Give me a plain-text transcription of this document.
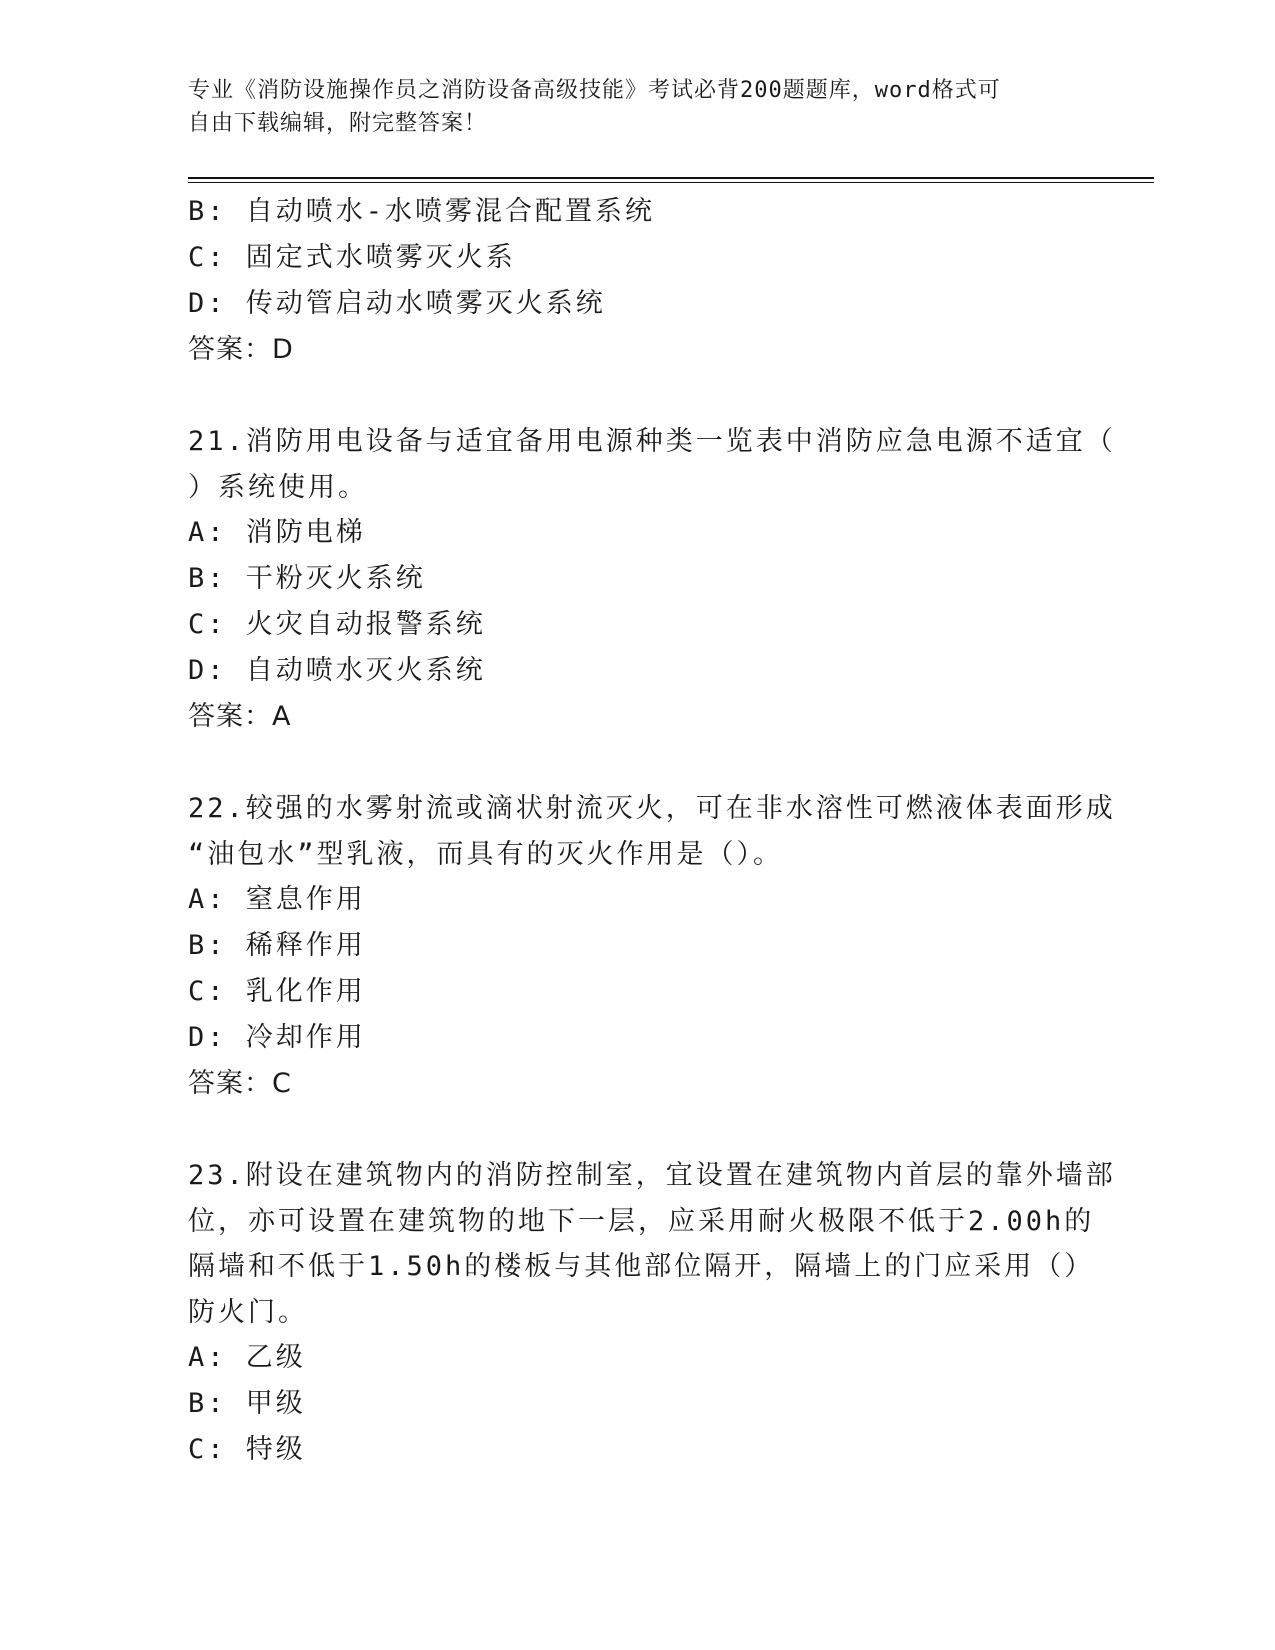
专业《消防设施操作员之消防设备高级技能》考试必背200题题库，word格式可
自由下载编辑，附完整答案！
B: 自动喷水-水喷雾混合配置系统
C: 固定式水喷雾灭火系
D: 传动管启动水喷雾灭火系统
答案：D
21.消防用电设备与适宜备用电源种类一览表中消防应急电源不适宜（
）系统使用。
A: 消防电梯
B: 干粉灭火系统
C: 火灾自动报警系统
D: 自动喷水灭火系统
答案：A
22.较强的水雾射流或滴状射流灭火，可在非水溶性可燃液体表面形成
“油包水”型乳液，而具有的灭火作用是（）。
A: 窒息作用
B: 稀释作用
C: 乳化作用
D: 冷却作用
答案：C
23.附设在建筑物内的消防控制室，宜设置在建筑物内首层的靠外墙部
位，亦可设置在建筑物的地下一层，应采用耐火极限不低于2.00h的
隔墙和不低于1.50h的楼板与其他部位隔开，隔墙上的门应采用（）
防火门。
A: 乙级
B: 甲级
C: 特级
